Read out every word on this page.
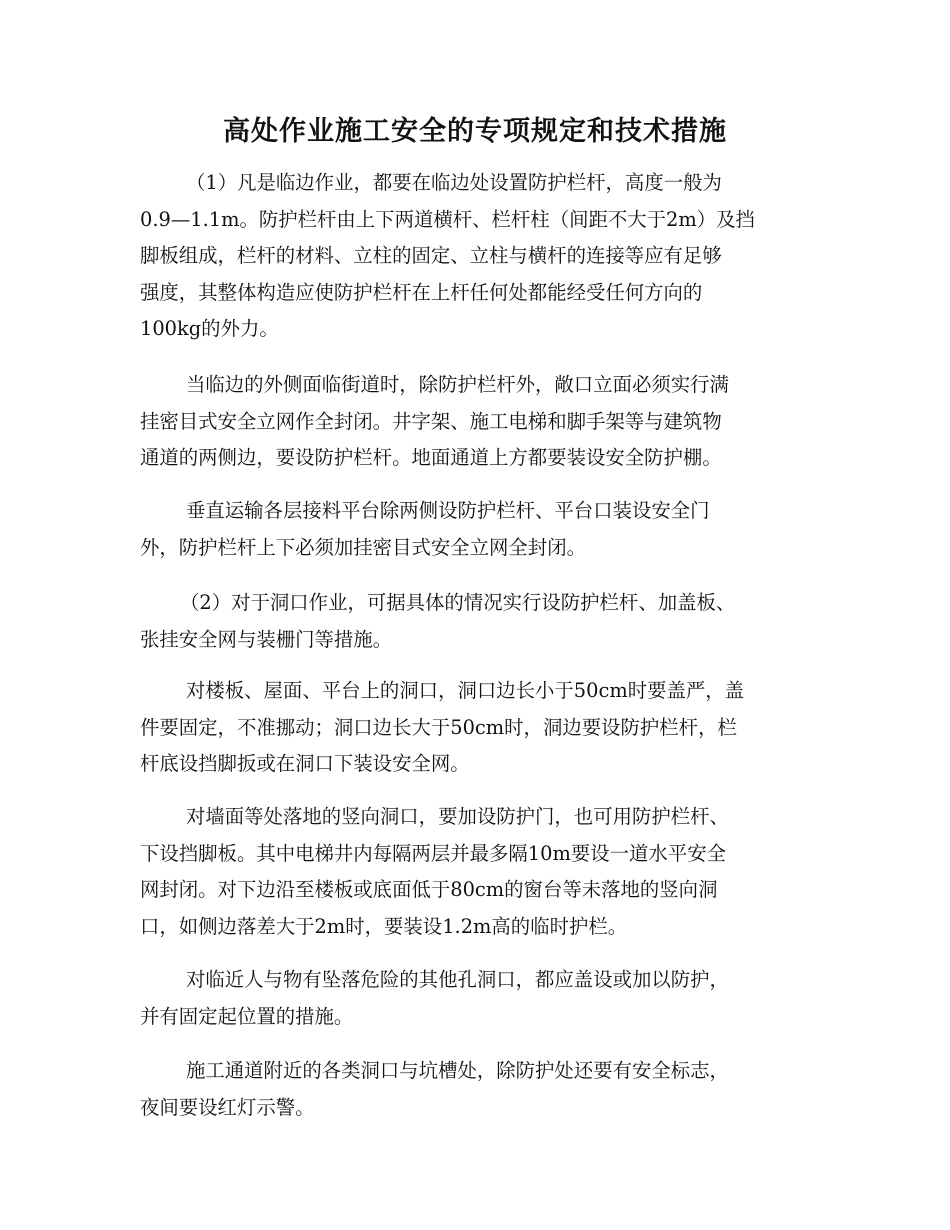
高处作业施工安全的专项规定和技术措施
（1）凡是临边作业，都要在临边处设置防护栏杆，高度一般为
0.9—1.1m。防护栏杆由上下两道横杆、栏杆柱（间距不大于2m）及挡
脚板组成，栏杆的材料、立柱的固定、立柱与横杆的连接等应有足够
强度，其整体构造应使防护栏杆在上杆任何处都能经受任何方向的
100kg的外力。
当临边的外侧面临街道时，除防护栏杆外，敞口立面必须实行满
挂密目式安全立网作全封闭。井字架、施工电梯和脚手架等与建筑物
通道的两侧边，要设防护栏杆。地面通道上方都要装设安全防护棚。
垂直运输各层接料平台除两侧设防护栏杆、平台口装设安全门
外，防护栏杆上下必须加挂密目式安全立网全封闭。
（2）对于洞口作业，可据具体的情况实行设防护栏杆、加盖板、
张挂安全网与装栅门等措施。
对楼板、屋面、平台上的洞口，洞口边长小于50cm时要盖严，盖
件要固定，不准挪动；洞口边长大于50cm时，洞边要设防护栏杆，栏
杆底设挡脚扳或在洞口下装设安全网。
对墙面等处落地的竖向洞口，要加设防护门，也可用防护栏杆、
下设挡脚板。其中电梯井内每隔两层并最多隔10m要设一道水平安全
网封闭。对下边沿至楼板或底面低于80cm的窗台等未落地的竖向洞
口，如侧边落差大于2m时，要装设1.2m高的临时护栏。
对临近人与物有坠落危险的其他孔洞口，都应盖设或加以防护，
并有固定起位置的措施。
施工通道附近的各类洞口与坑槽处，除防护处还要有安全标志，
夜间要设红灯示警。
